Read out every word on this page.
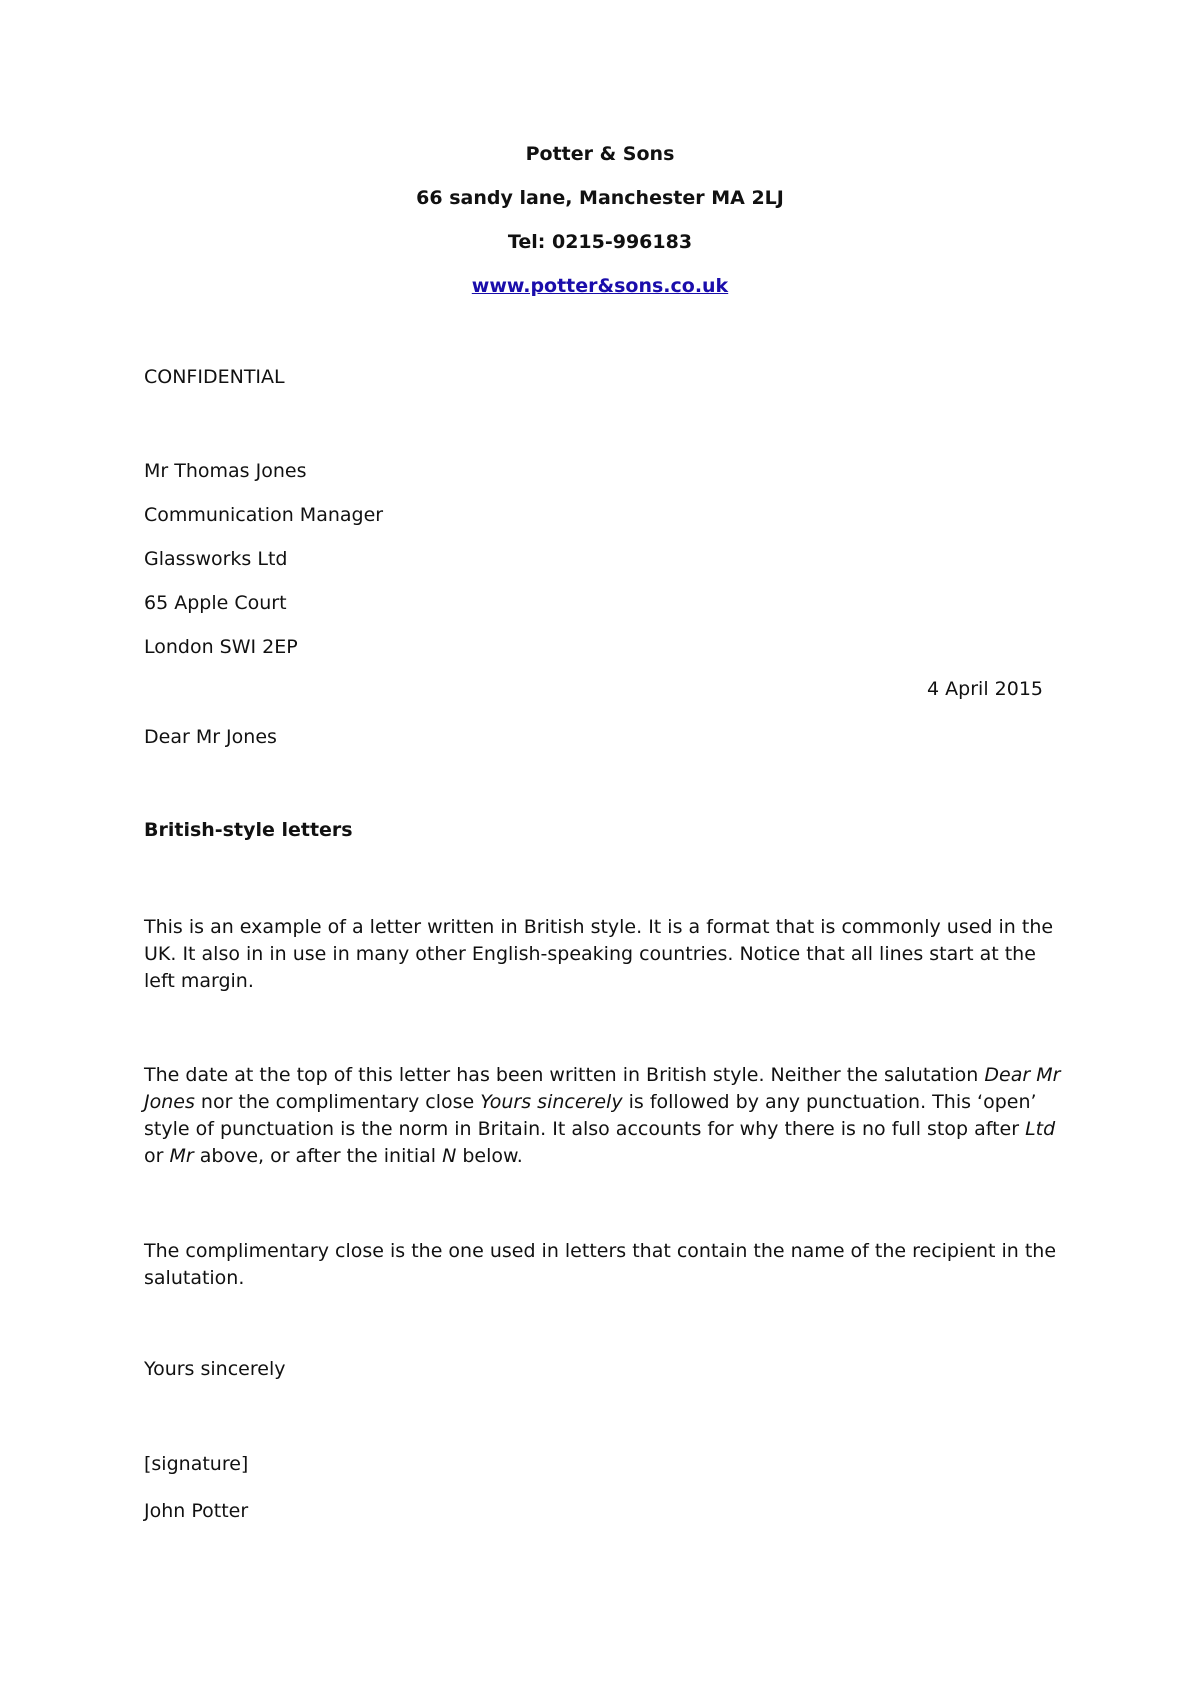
Potter & Sons
66 sandy lane, Manchester MA 2LJ
Tel: 0215-996183
www.potter&sons.co.uk
CONFIDENTIAL
Mr Thomas Jones
Communication Manager
Glassworks Ltd
65 Apple Court
London SWI 2EP
4 April 2015
Dear Mr Jones
British-style letters
This is an example of a letter written in British style. It is a format that is commonly used in the UK. It also in in use in many other English-speaking countries. Notice that all lines start at the left margin.
The date at the top of this letter has been written in British style. Neither the salutation Dear Mr Jones nor the complimentary close Yours sincerely is followed by any punctuation. This ‘open’ style of punctuation is the norm in Britain. It also accounts for why there is no full stop after Ltd or Mr above, or after the initial N below.
The complimentary close is the one used in letters that contain the name of the recipient in the salutation.
Yours sincerely
[signature]
John Potter
